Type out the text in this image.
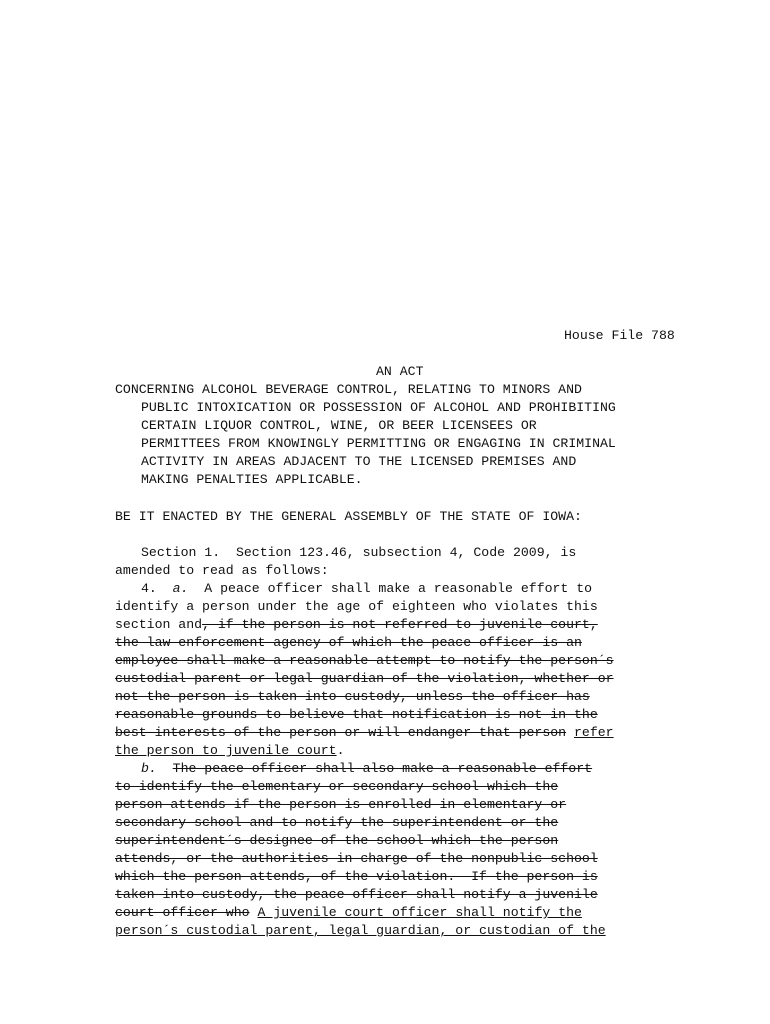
House File 788
AN ACT
CONCERNING ALCOHOL BEVERAGE CONTROL, RELATING TO MINORS AND
PUBLIC INTOXICATION OR POSSESSION OF ALCOHOL AND PROHIBITING
CERTAIN LIQUOR CONTROL, WINE, OR BEER LICENSEES OR
PERMITTEES FROM KNOWINGLY PERMITTING OR ENGAGING IN CRIMINAL
ACTIVITY IN AREAS ADJACENT TO THE LICENSED PREMISES AND
MAKING PENALTIES APPLICABLE.
BE IT ENACTED BY THE GENERAL ASSEMBLY OF THE STATE OF IOWA:
Section 1.  Section 123.46, subsection 4, Code 2009, is
amended to read as follows:
4. a.  A peace officer shall make a reasonable effort to
identify a person under the age of eighteen who violates this
section and, if the person is not referred to juvenile court,
the law enforcement agency of which the peace officer is an
employee shall make a reasonable attempt to notify the person´s
custodial parent or legal guardian of the violation, whether or
not the person is taken into custody, unless the officer has
reasonable grounds to believe that notification is not in the
best interests of the person or will endanger that person refer
the person to juvenile court.
b. The peace officer shall also make a reasonable effort
to identify the elementary or secondary school which the
person attends if the person is enrolled in elementary or
secondary school and to notify the superintendent or the
superintendent´s designee of the school which the person
attends, or the authorities in charge of the nonpublic school
which the person attends, of the violation.  If the person is
taken into custody, the peace officer shall notify a juvenile
court officer who A juvenile court officer shall notify the
person´s custodial parent, legal guardian, or custodian of the
